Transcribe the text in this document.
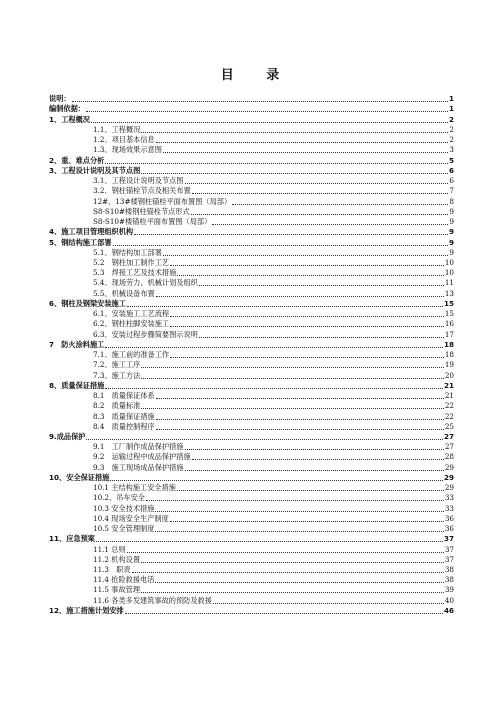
目 录
说明：	1
编制依据：	1
1、工程概况	2
1.1、工程概况	2
1.2、项目基本信息	2
1.3、现场效果示意图	3
2、重、难点分析	5
3、工程设计说明及其节点图	6
3.1、工程设计说明及节点图	6
3.2、钢柱锚栓节点及相关布置	7
12#、13#楼钢柱锚栓平面布置图（局部）	8
S8-S10#楼钢柱锚栓节点形式	9
S8-S10#楼锚栓平面布置图（局部）	9
4、施工项目管理组织机构	9
5、钢结构施工部署	9
5.1、钢结构加工部署	9
5.2　钢柱加工制作工艺	10
5.3　焊接工艺及技术措施	10
5.4、现场劳力、机械计划及组织	11
5.5、机械设备布置	13
6、钢柱及钢梁安装施工	15
6.1、安装施工工艺流程	15
6.2、钢柱柱脚安装施工	16
6.3、安装过程步骤简要图示说明	17
7　防火涂料施工	18
7.1、施工前的准备工作	18
7.2、施工工序	19
7.3、施工方法	20
8、质量保证措施	21
8.1　质量保证体系	21
8.2　质量标准	22
8.3　质量保证措施	22
8.4　质量控制程序	25
9.成品保护	27
9.1　工厂制作成品保护措施	27
9.2　运输过程中成品保护措施	28
9.3　施工现场成品保护措施	29
10、安全保证措施	29
10.1 主结构施工安全措施	29
10.2、吊车安全	33
10.3 安全技术措施	33
10.4 现场安全生产制度	36
10.5 安全管理制度	36
11、应急预案	37
11.1 总则	37
11.2 机构设置	37
11.3　职责	38
11.4 抢险救援电话	38
11.5 事故管理	39
11.6 各类多发建筑事故的预防及救援	40
12、施工措施计划安排	46
